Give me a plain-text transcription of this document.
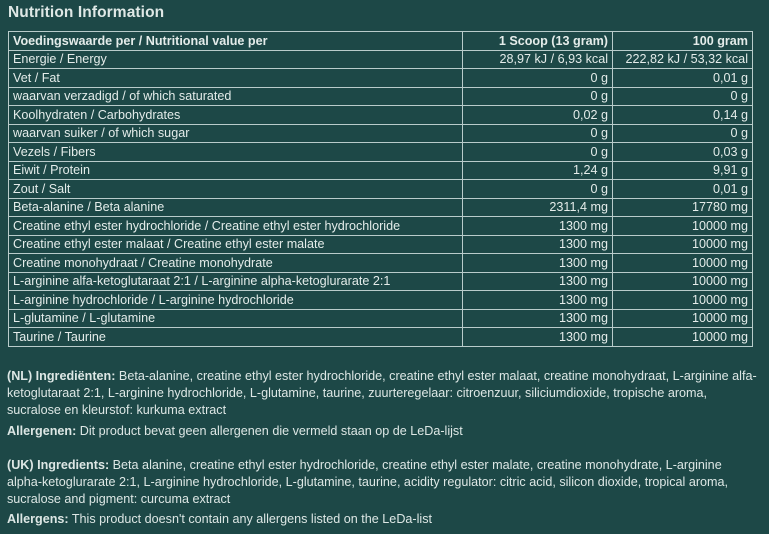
Nutrition Information
Voedingswaarde per / Nutritional value per	1 Scoop (13 gram)	100 gram
Energie / Energy	28,97 kJ / 6,93 kcal	222,82 kJ / 53,32 kcal
Vet / Fat	0 g	0,01 g
waarvan verzadigd / of which saturated	0 g	0 g
Koolhydraten / Carbohydrates	0,02 g	0,14 g
waarvan suiker / of which sugar	0 g	0 g
Vezels / Fibers	0 g	0,03 g
Eiwit / Protein	1,24 g	9,91 g
Zout / Salt	0 g	0,01 g
Beta-alanine / Beta alanine	2311,4 mg	17780 mg
Creatine ethyl ester hydrochloride / Creatine ethyl ester hydrochloride	1300 mg	10000 mg
Creatine ethyl ester malaat / Creatine ethyl ester malate	1300 mg	10000 mg
Creatine monohydraat / Creatine monohydrate	1300 mg	10000 mg
L-arginine alfa-ketoglutaraat 2:1 / L-arginine alpha-ketoglurarate 2:1	1300 mg	10000 mg
L-arginine hydrochloride / L-arginine hydrochloride	1300 mg	10000 mg
L-glutamine / L-glutamine	1300 mg	10000 mg
Taurine / Taurine	1300 mg	10000 mg
(NL) Ingrediënten: Beta-alanine, creatine ethyl ester hydrochloride, creatine ethyl ester malaat, creatine monohydraat, L-arginine alfa-ketoglutaraat 2:1, L-arginine hydrochloride, L-glutamine, taurine, zuurteregelaar: citroenzuur, siliciumdioxide, tropische aroma, sucralose en kleurstof: kurkuma extract
Allergenen: Dit product bevat geen allergenen die vermeld staan op de LeDa-lijst
(UK) Ingredients: Beta alanine, creatine ethyl ester hydrochloride, creatine ethyl ester malate, creatine monohydrate, L-arginine alpha-ketoglurarate 2:1, L-arginine hydrochloride, L-glutamine, taurine, acidity regulator: citric acid, silicon dioxide, tropical aroma, sucralose and pigment: curcuma extract
Allergens: This product doesn't contain any allergens listed on the LeDa-list
